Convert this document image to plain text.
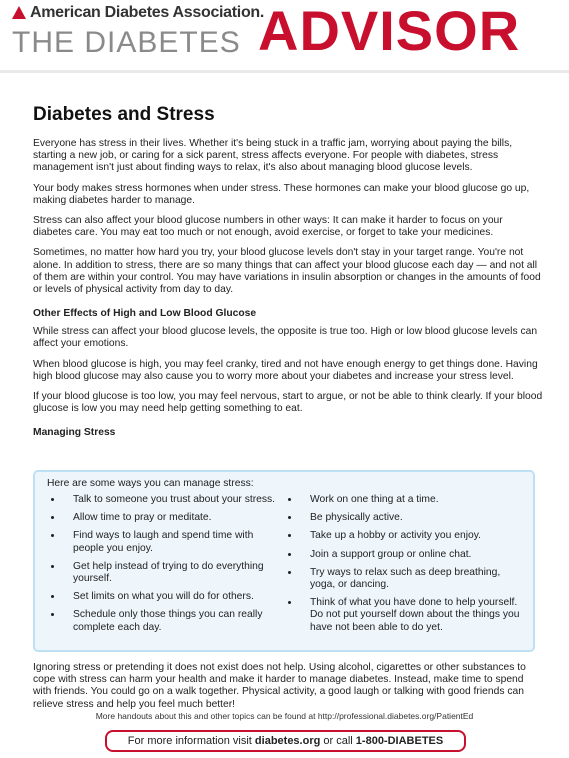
American Diabetes Association.
THE DIABETES ADVISOR
Diabetes and Stress

Everyone has stress in their lives. Whether it's being stuck in a traffic jam, worrying about paying the bills, starting a new job, or caring for a sick parent, stress affects everyone. For people with diabetes, stress management isn't just about finding ways to relax, it's also about managing blood glucose levels.

Your body makes stress hormones when under stress. These hormones can make your blood glucose go up, making diabetes harder to manage.

Stress can also affect your blood glucose numbers in other ways: It can make it harder to focus on your diabetes care. You may eat too much or not enough, avoid exercise, or forget to take your medicines.

Sometimes, no matter how hard you try, your blood glucose levels don't stay in your target range. You're not alone. In addition to stress, there are so many things that can affect your blood glucose each day — and not all of them are within your control. You may have variations in insulin absorption or changes in the amounts of food or levels of physical activity from day to day.

Other Effects of High and Low Blood Glucose

While stress can affect your blood glucose levels, the opposite is true too. High or low blood glucose levels can affect your emotions.

When blood glucose is high, you may feel cranky, tired and not have enough energy to get things done. Having high blood glucose may also cause you to worry more about your diabetes and increase your stress level.

If your blood glucose is too low, you may feel nervous, start to argue, or not be able to think clearly. If your blood glucose is low you may need help getting something to eat.

Managing Stress
Here are some ways you can manage stress:
• Talk to someone you trust about your stress.
• Allow time to pray or meditate.
• Find ways to laugh and spend time with people you enjoy.
• Get help instead of trying to do everything yourself.
• Set limits on what you will do for others.
• Schedule only those things you can really complete each day.
• Work on one thing at a time.
• Be physically active.
• Take up a hobby or activity you enjoy.
• Join a support group or online chat.
• Try ways to relax such as deep breathing, yoga, or dancing.
• Think of what you have done to help yourself. Do not put yourself down about the things you have not been able to do yet.

Ignoring stress or pretending it does not exist does not help. Using alcohol, cigarettes or other substances to cope with stress can harm your health and make it harder to manage diabetes. Instead, make time to spend with friends. You could go on a walk together. Physical activity, a good laugh or talking with good friends can relieve stress and help you feel much better!

More handouts about this and other topics can be found at http://professional.diabetes.org/PatientEd
For more information visit diabetes.org or call 1-800-DIABETES
